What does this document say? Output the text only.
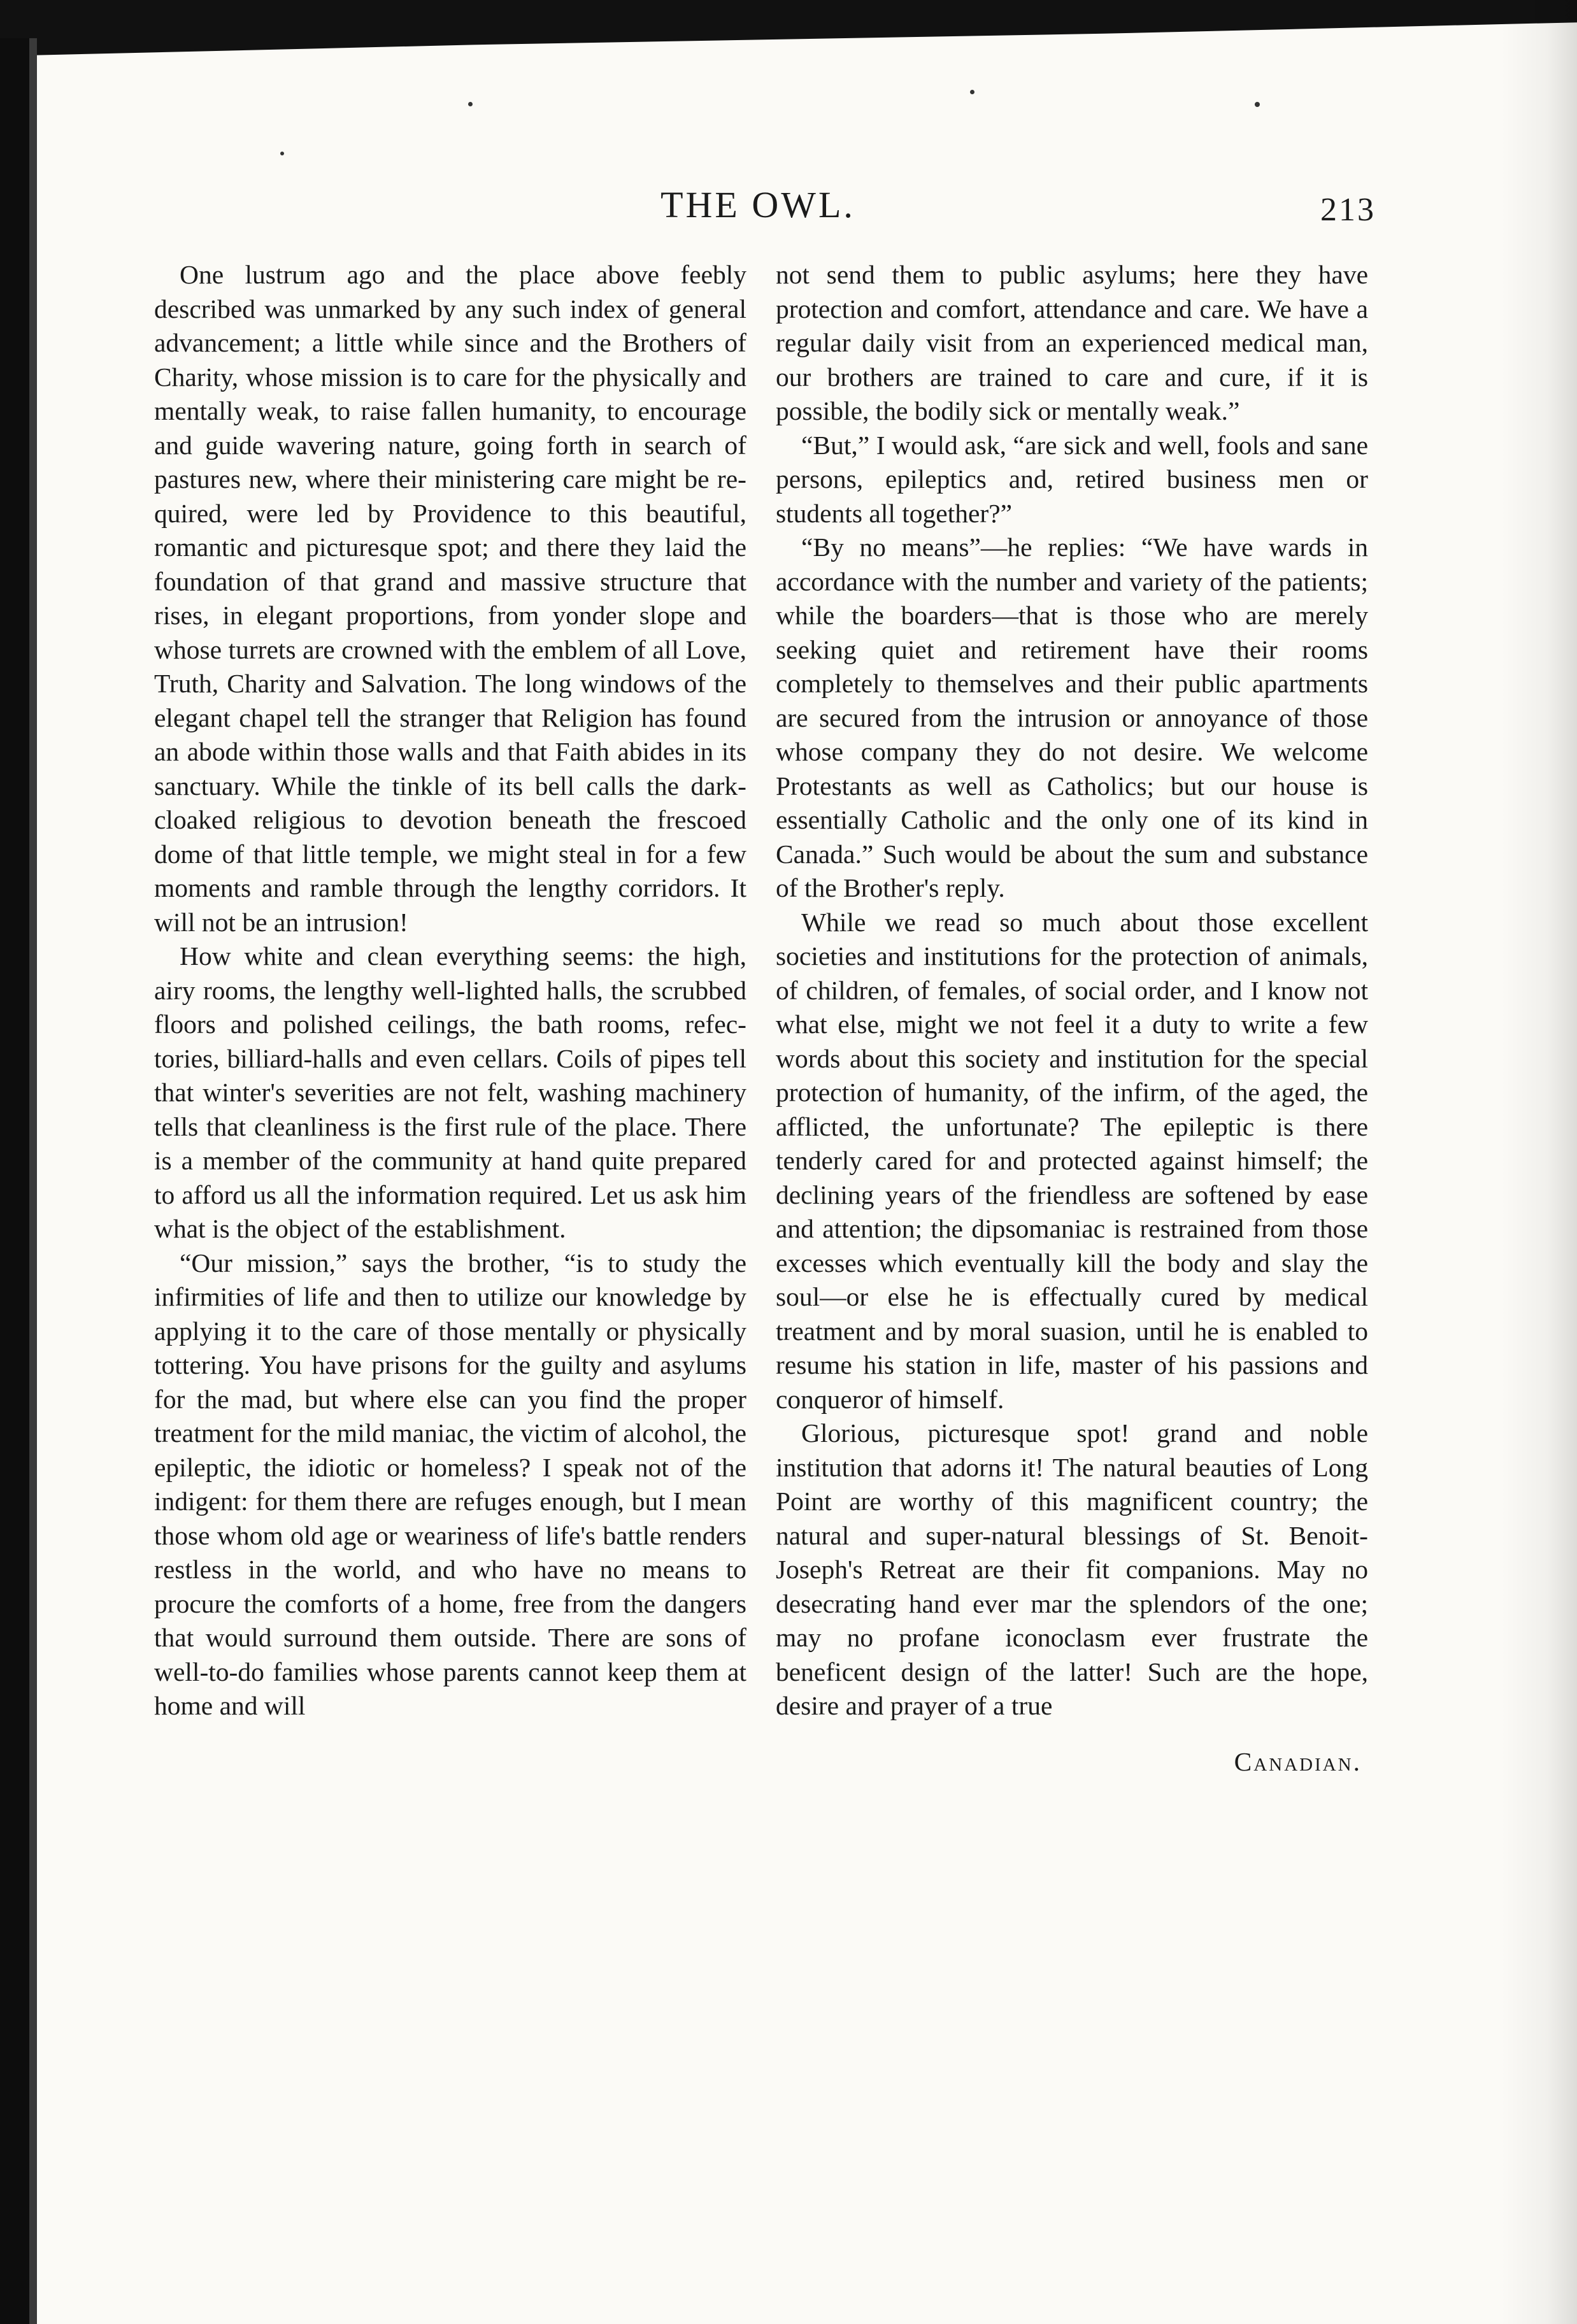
THE OWL.	213

One lustrum ago and the place above feebly described was unmarked by any such index of general advancement; a little while since and the Brothers of Charity, whose mission is to care for the physically and mentally weak, to raise fallen humanity, to encourage and guide wavering nature, going forth in search of pastures new, where their ministering care might be required, were led by Providence to this beautiful, romantic and picturesque spot; and there they laid the foundation of that grand and massive structure that rises, in elegant proportions, from yonder slope and whose turrets are crowned with the emblem of all Love, Truth, Charity and Salvation. The long windows of the elegant chapel tell the stranger that Religion has found an abode within those walls and that Faith abides in its sanctuary. While the tinkle of its bell calls the dark-cloaked religious to devotion beneath the frescoed dome of that little temple, we might steal in for a few moments and ramble through the lengthy corridors. It will not be an intrusion!

How white and clean everything seems: the high, airy rooms, the lengthy well-lighted halls, the scrubbed floors and polished ceilings, the bath rooms, refectories, billiard-halls and even cellars. Coils of pipes tell that winter's severities are not felt, washing machinery tells that cleanliness is the first rule of the place. There is a member of the community at hand quite prepared to afford us all the information required. Let us ask him what is the object of the establishment.

“Our mission,” says the brother, “is to study the infirmities of life and then to utilize our knowledge by applying it to the care of those mentally or physically tottering. You have prisons for the guilty and asylums for the mad, but where else can you find the proper treatment for the mild maniac, the victim of alcohol, the epileptic, the idiotic or homeless? I speak not of the indigent: for them there are refuges enough, but I mean those whom old age or weariness of life's battle renders restless in the world, and who have no means to procure the comforts of a home, free from the dangers that would surround them outside. There are sons of well-to-do families whose parents cannot keep them at home and will

not send them to public asylums; here they have protection and comfort, attendance and care. We have a regular daily visit from an experienced medical man, our brothers are trained to care and cure, if it is possible, the bodily sick or mentally weak.”

“But,” I would ask, “are sick and well, fools and sane persons, epileptics and, retired business men or students all together?”

“By no means”—he replies: “We have wards in accordance with the number and variety of the patients; while the boarders—that is those who are merely seeking quiet and retirement have their rooms completely to themselves and their public apartments are secured from the intrusion or annoyance of those whose company they do not desire. We welcome Protestants as well as Catholics; but our house is essentially Catholic and the only one of its kind in Canada.” Such would be about the sum and substance of the Brother's reply.

While we read so much about those excellent societies and institutions for the protection of animals, of children, of females, of social order, and I know not what else, might we not feel it a duty to write a few words about this society and institution for the special protection of humanity, of the infirm, of the aged, the afflicted, the unfortunate? The epileptic is there tenderly cared for and protected against himself; the declining years of the friendless are softened by ease and attention; the dipsomaniac is restrained from those excesses which eventually kill the body and slay the soul—or else he is effectually cured by medical treatment and by moral suasion, until he is enabled to resume his station in life, master of his passions and conqueror of himself.

Glorious, picturesque spot! grand and noble institution that adorns it! The natural beauties of Long Point are worthy of this magnificent country; the natural and super-natural blessings of St. Benoit-Joseph's Retreat are their fit companions. May no desecrating hand ever mar the splendors of the one; may no profane iconoclasm ever frustrate the beneficent design of the latter! Such are the hope, desire and prayer of a true

Canadian.
